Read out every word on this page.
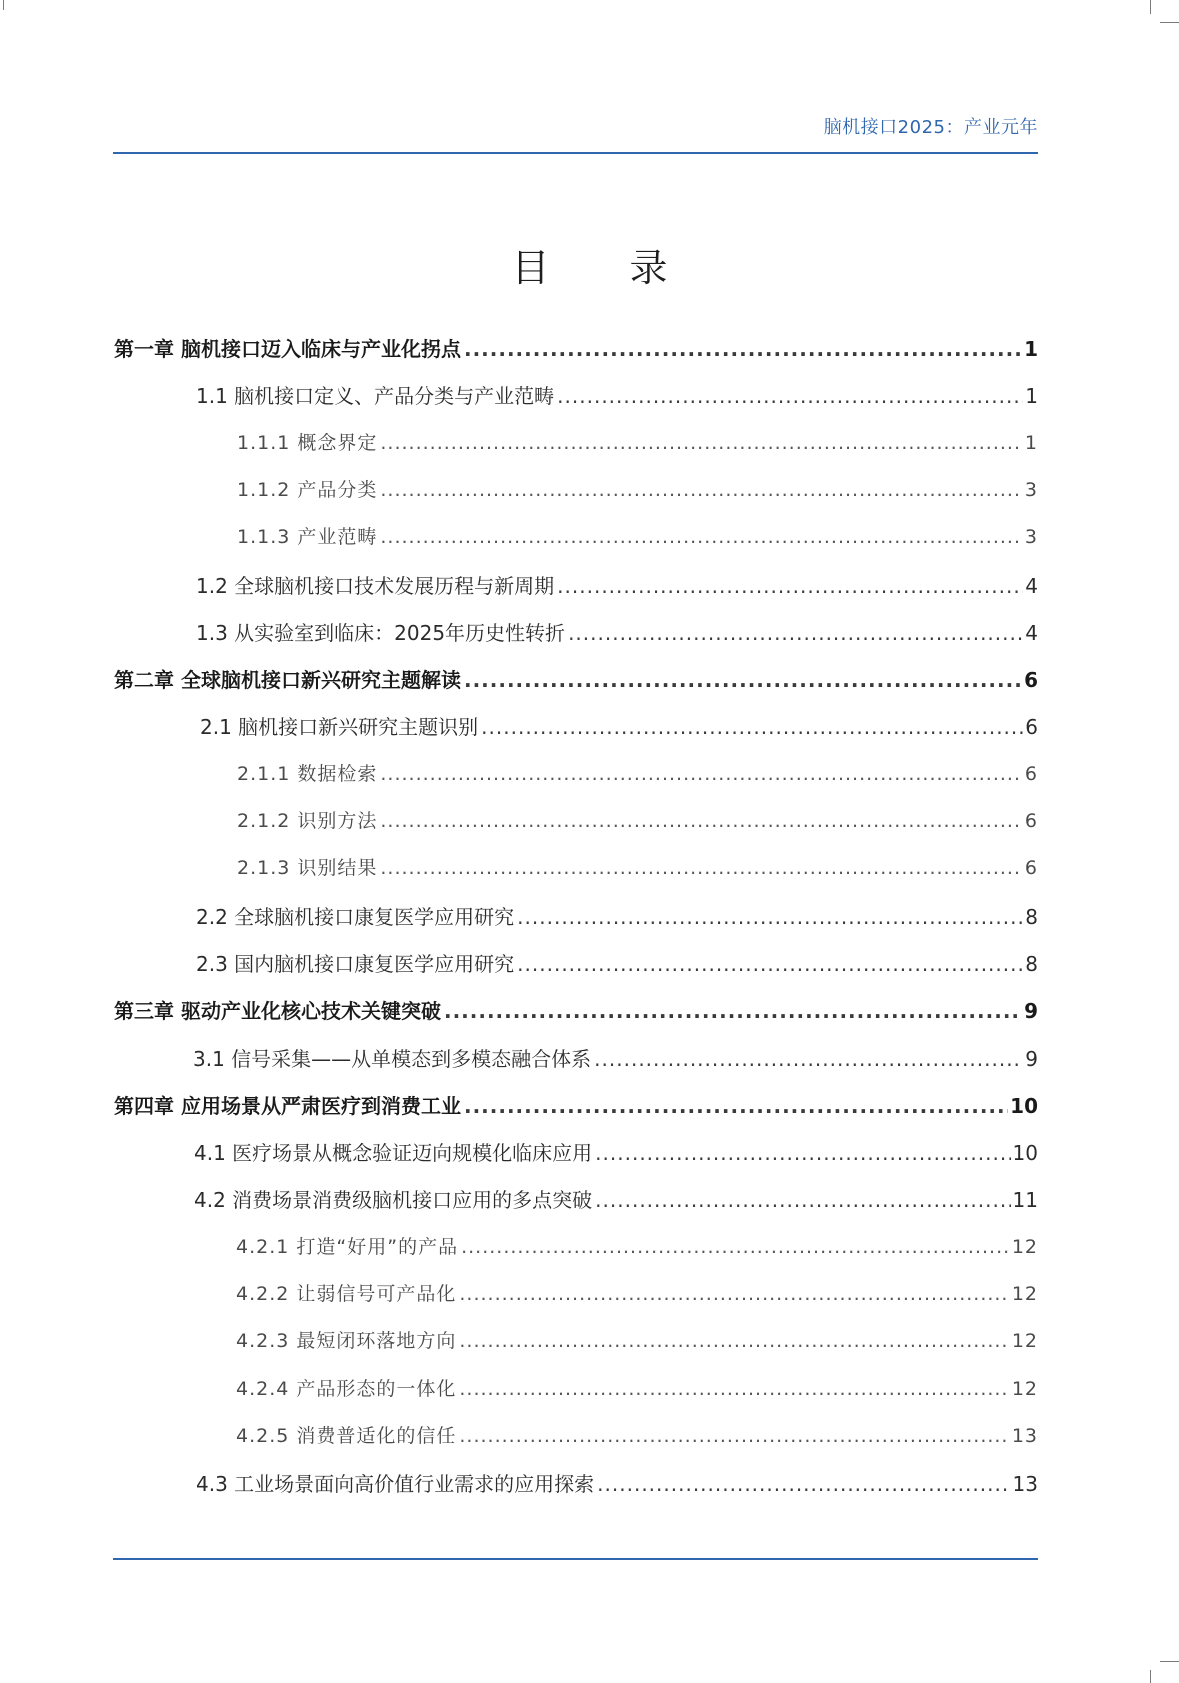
脑机接口2025：产业元年
目 录
第一章 脑机接口迈入临床与产业化拐点 .....	1
1.1 脑机接口定义、产品分类与产业范畴 .....	1
1.1.1 概念界定 .....	1
1.1.2 产品分类 .....	3
1.1.3 产业范畴 .....	3
1.2 全球脑机接口技术发展历程与新周期 .....	4
1.3 从实验室到临床：2025年历史性转折 .....	4
第二章 全球脑机接口新兴研究主题解读 .....	6
2.1 脑机接口新兴研究主题识别 .....	6
2.1.1 数据检索 .....	6
2.1.2 识别方法 .....	6
2.1.3 识别结果 .....	6
2.2 全球脑机接口康复医学应用研究 .....	8
2.3 国内脑机接口康复医学应用研究 .....	8
第三章 驱动产业化核心技术关键突破 .....	9
3.1 信号采集——从单模态到多模态融合体系 .....	9
第四章 应用场景从严肃医疗到消费工业 .....	10
4.1 医疗场景从概念验证迈向规模化临床应用 .....	10
4.2 消费场景消费级脑机接口应用的多点突破 .....	11
4.2.1 打造“好用”的产品 .....	12
4.2.2 让弱信号可产品化 .....	12
4.2.3 最短闭环落地方向 .....	12
4.2.4 产品形态的一体化 .....	12
4.2.5 消费普适化的信任 .....	13
4.3 工业场景面向高价值行业需求的应用探索 .....	13
